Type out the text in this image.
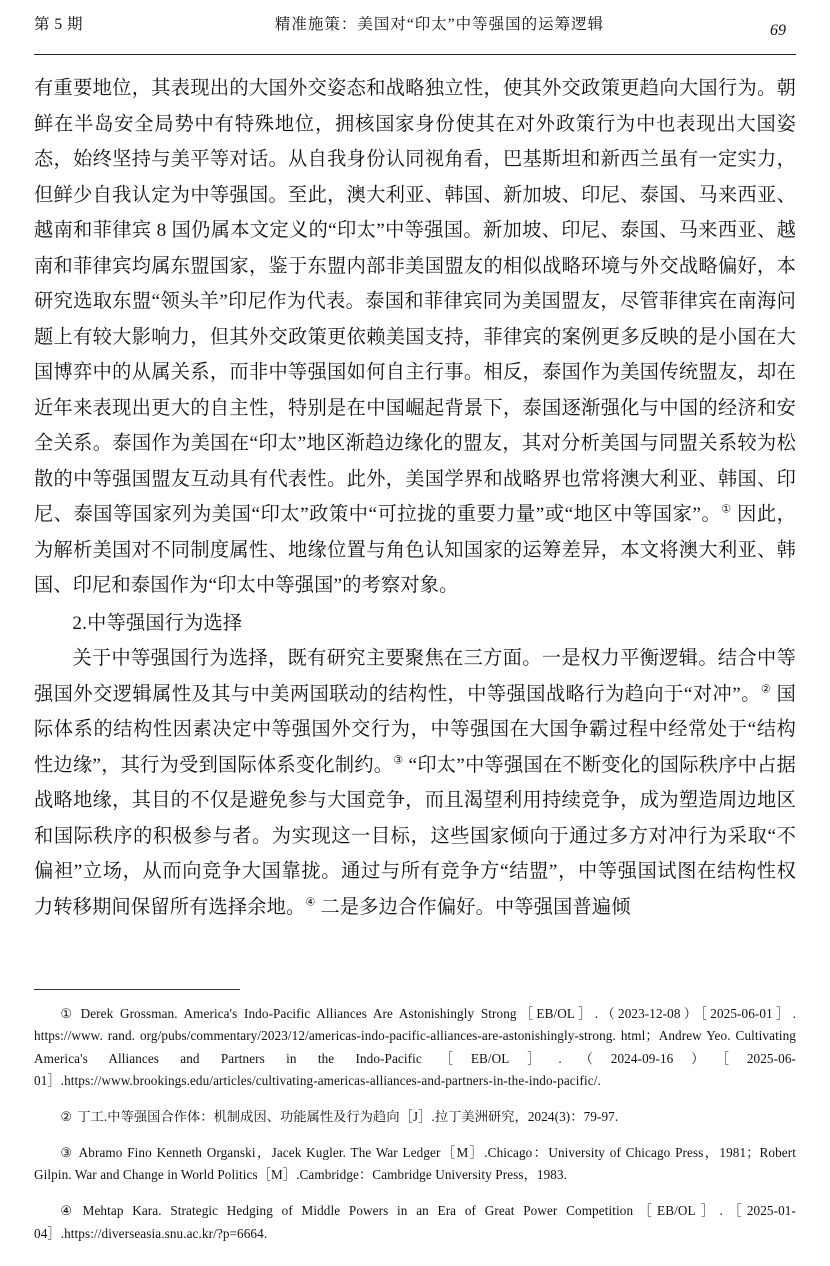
第 5 期	精准施策：美国对“印太”中等强国的运筹逻辑	69

有重要地位，其表现出的大国外交姿态和战略独立性，使其外交政策更趋向大国行为。朝鲜在半岛安全局势中有特殊地位，拥核国家身份使其在对外政策行为中也表现出大国姿态，始终坚持与美平等对话。从自我身份认同视角看，巴基斯坦和新西兰虽有一定实力，但鲜少自我认定为中等强国。至此，澳大利亚、韩国、新加坡、印尼、泰国、马来西亚、越南和菲律宾 8 国仍属本文定义的“印太”中等强国。新加坡、印尼、泰国、马来西亚、越南和菲律宾均属东盟国家，鉴于东盟内部非美国盟友的相似战略环境与外交战略偏好，本研究选取东盟“领头羊”印尼作为代表。泰国和菲律宾同为美国盟友，尽管菲律宾在南海问题上有较大影响力，但其外交政策更依赖美国支持，菲律宾的案例更多反映的是小国在大国博弈中的从属关系，而非中等强国如何自主行事。相反，泰国作为美国传统盟友，却在近年来表现出更大的自主性，特别是在中国崛起背景下，泰国逐渐强化与中国的经济和安全关系。泰国作为美国在“印太”地区渐趋边缘化的盟友，其对分析美国与同盟关系较为松散的中等强国盟友互动具有代表性。此外，美国学界和战略界也常将澳大利亚、韩国、印尼、泰国等国家列为美国“印太”政策中“可拉拢的重要力量”或“地区中等国家”。① 因此，为解析美国对不同制度属性、地缘位置与角色认知国家的运筹差异，本文将澳大利亚、韩国、印尼和泰国作为“印太中等强国”的考察对象。

2.中等强国行为选择

关于中等强国行为选择，既有研究主要聚焦在三方面。一是权力平衡逻辑。结合中等强国外交逻辑属性及其与中美两国联动的结构性，中等强国战略行为趋向于“对冲”。② 国际体系的结构性因素决定中等强国外交行为，中等强国在大国争霸过程中经常处于“结构性边缘”，其行为受到国际体系变化制约。③ “印太”中等强国在不断变化的国际秩序中占据战略地缘，其目的不仅是避免参与大国竞争，而且渴望利用持续竞争，成为塑造周边地区和国际秩序的积极参与者。为实现这一目标，这些国家倾向于通过多方对冲行为采取“不偏袒”立场，从而向竞争大国靠拢。通过与所有竞争方“结盟”，中等强国试图在结构性权力转移期间保留所有选择余地。④ 二是多边合作偏好。中等强国普遍倾

① Derek Grossman. America's Indo-Pacific Alliances Are Astonishingly Strong［EB/OL］.（2023-12-08）［2025-06-01］. https://www. rand. org/pubs/commentary/2023/12/americas-indo-pacific-alliances-are-astonishingly-strong. html；Andrew Yeo. Cultivating America's Alliances and Partners in the Indo-Pacific［EB/OL］.（2024-09-16）［2025-06-01］.https://www.brookings.edu/articles/cultivating-americas-alliances-and-partners-in-the-indo-pacific/.

② 丁工.中等强国合作体：机制成因、功能属性及行为趋向［J］.拉丁美洲研究，2024(3)：79-97.

③ Abramo Fino Kenneth Organski，Jacek Kugler. The War Ledger［M］.Chicago：University of Chicago Press，1981；Robert Gilpin. War and Change in World Politics［M］.Cambridge：Cambridge University Press，1983.

④ Mehtap Kara. Strategic Hedging of Middle Powers in an Era of Great Power Competition［EB/OL］.［2025-01-04］.https://diverseasia.snu.ac.kr/?p=6664.
